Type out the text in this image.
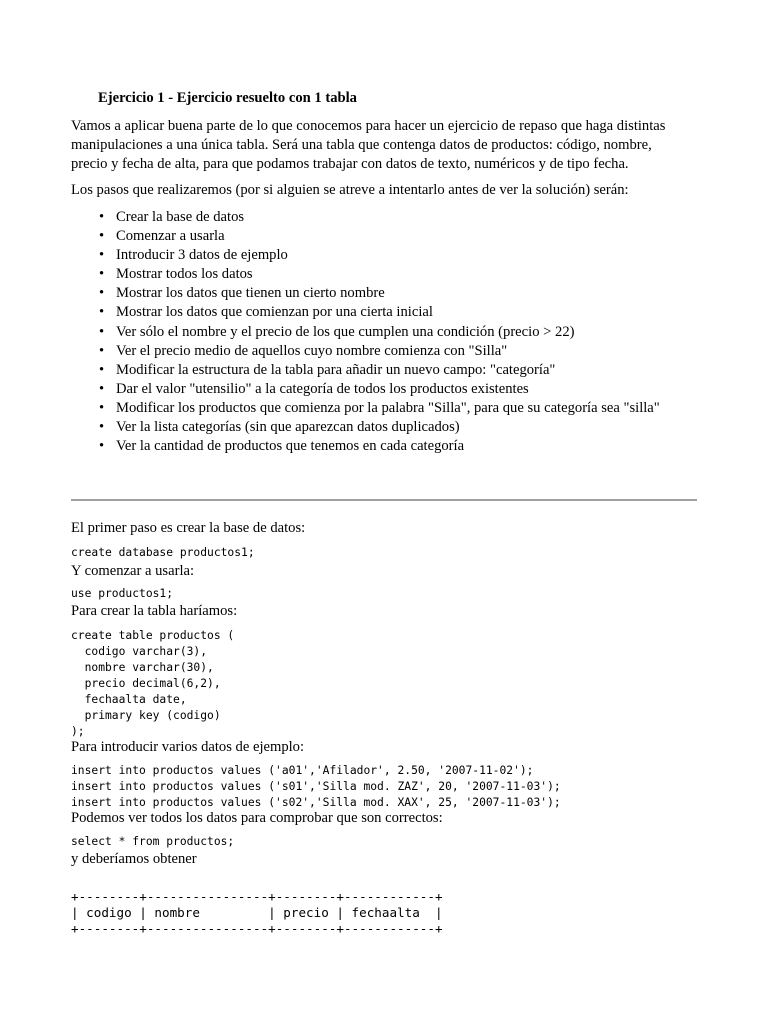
Ejercicio 1 - Ejercicio resuelto con 1 tabla

Vamos a aplicar buena parte de lo que conocemos para hacer un ejercicio de repaso que haga distintas

manipulaciones a una única tabla. Será una tabla que contenga datos de productos: código, nombre,

precio y fecha de alta, para que podamos trabajar con datos de texto, numéricos y de tipo fecha.

Los pasos que realizaremos (por si alguien se atreve a intentarlo antes de ver la solución) serán:

• Crear la base de datos
• Comenzar a usarla
• Introducir 3 datos de ejemplo
• Mostrar todos los datos
• Mostrar los datos que tienen un cierto nombre
• Mostrar los datos que comienzan por una cierta inicial
• Ver sólo el nombre y el precio de los que cumplen una condición (precio > 22)
• Ver el precio medio de aquellos cuyo nombre comienza con "Silla"
• Modificar la estructura de la tabla para añadir un nuevo campo: "categoría"
• Dar el valor "utensilio" a la categoría de todos los productos existentes
• Modificar los productos que comienza por la palabra "Silla", para que su categoría sea "silla"
• Ver la lista categorías (sin que aparezcan datos duplicados)
• Ver la cantidad de productos que tenemos en cada categoría

El primer paso es crear la base de datos:

create database productos1;

Y comenzar a usarla:

use productos1;

Para crear la tabla haríamos:

create table productos (
codigo varchar(3),
nombre varchar(30),
precio decimal(6,2),
fechaalta date,
primary key (codigo)
);

Para introducir varios datos de ejemplo:

insert into productos values ('a01','Afilador', 2.50, '2007-11-02');
insert into productos values ('s01','Silla mod. ZAZ', 20, '2007-11-03');
insert into productos values ('s02','Silla mod. XAX', 25, '2007-11-03');

Podemos ver todos los datos para comprobar que son correctos:

select * from productos;

y deberíamos obtener

+--------+----------------+--------+------------+
| codigo | nombre         | precio | fechaalta  |
+--------+----------------+--------+------------+
